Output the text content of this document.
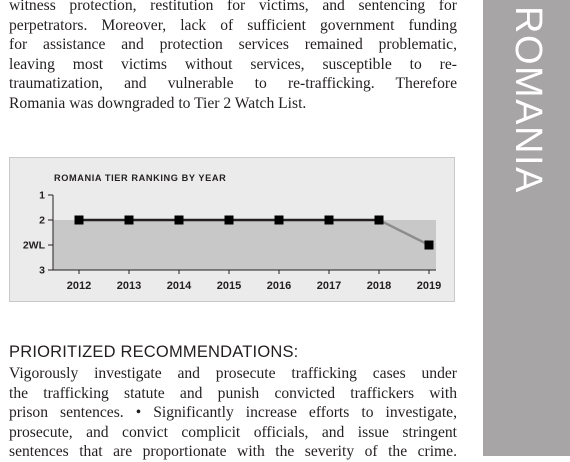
witness protection, restitution for victims, and sentencing for
perpetrators. Moreover, lack of sufficient government funding
for assistance and protection services remained problematic,
leaving most victims without services, susceptible to re-
traumatization, and vulnerable to re-trafficking. Therefore
Romania was downgraded to Tier 2 Watch List.
ROMANIA TIER RANKING BY YEAR
1
2
2WL
3
2012 2013 2014 2015 2016 2017 2018 2019
PRIORITIZED RECOMMENDATIONS:
Vigorously investigate and prosecute trafficking cases under
the trafficking statute and punish convicted traffickers with
prison sentences. • Significantly increase efforts to investigate,
prosecute, and convict complicit officials, and issue stringent
sentences that are proportionate with the severity of the crime.
ROMANIA
